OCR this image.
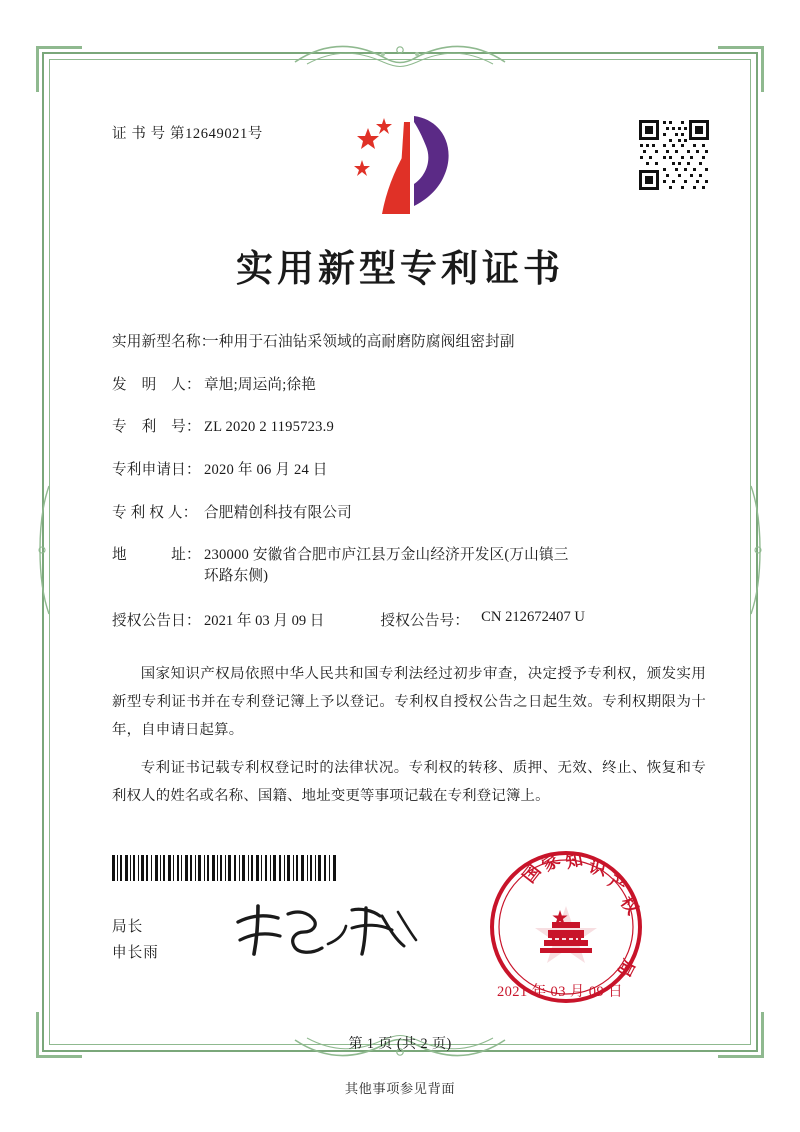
证 书 号 第12649021号
实用新型专利证书
实用新型名称：
一种用于石油钻采领域的高耐磨防腐阀组密封副
发　明　人： 章旭;周运尚;徐艳
专　利　号： ZL 2020 2 1195723.9
专利申请日： 2020 年 06 月 24 日
专 利 权 人： 合肥精创科技有限公司
地　　　址： 230000 安徽省合肥市庐江县万金山经济开发区(万山镇三
环路东侧)
授权公告日： 2021 年 03 月 09 日	授权公告号： CN 212672407 U

国家知识产权局依照中华人民共和国专利法经过初步审查，决定授予专利权，颁发实用新型专利证书并在专利登记簿上予以登记。专利权自授权公告之日起生效。专利权期限为十年，自申请日起算。

专利证书记载专利权登记时的法律状况。专利权的转移、质押、无效、终止、恢复和专利权人的姓名或名称、国籍、地址变更等事项记载在专利登记簿上。

局长
申长雨
国
家 知 识
产
权
局
2021 年 03 月 09 日
第 1 页 (共 2 页)
其他事项参见背面
